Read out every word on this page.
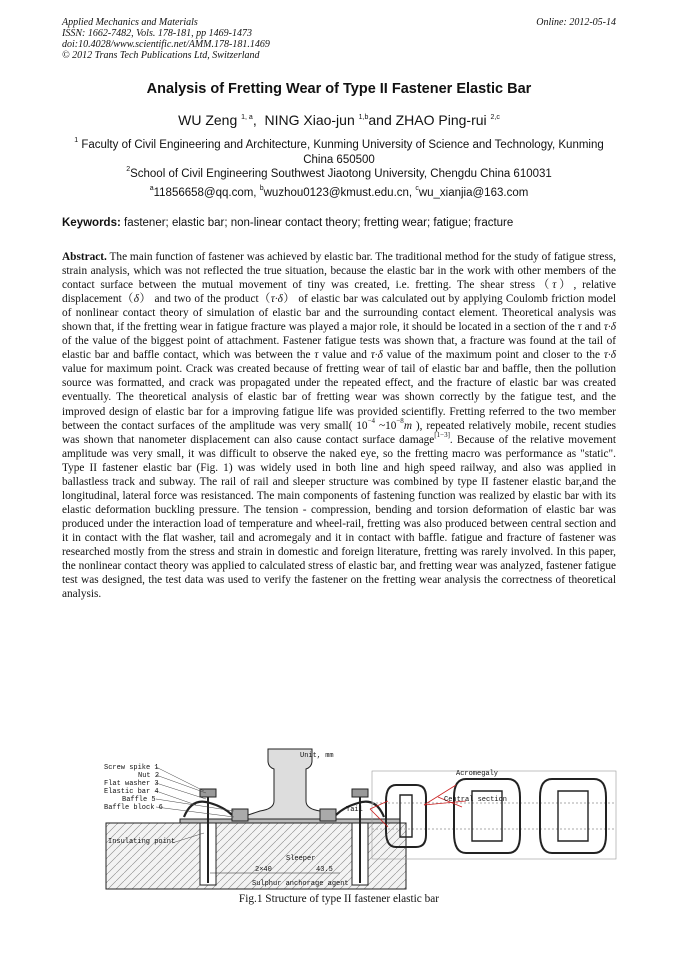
Applied Mechanics and Materials
ISSN: 1662-7482, Vols. 178-181, pp 1469-1473
doi:10.4028/www.scientific.net/AMM.178-181.1469
© 2012 Trans Tech Publications Ltd, Switzerland
Online: 2012-05-14
Analysis of Fretting Wear of Type II Fastener Elastic Bar
WU Zeng $^{1, a}$,  NING Xiao-jun $^{1,b}$and ZHAO Ping-rui $^{2,c}$
$^1$ Faculty of Civil Engineering and Architecture, Kunming University of Science and Technology, Kunming China 650500
$^2$School of Civil Engineering Southwest Jiaotong University, Chengdu China 610031
$^a$11856658@qq.com, $^b$wuzhou0123@kmust.edu.cn, $^c$wu_xianjia@163.com
Keywords: fastener; elastic bar; non-linear contact theory; fretting wear; fatigue; fracture
Abstract. The main function of fastener was achieved by elastic bar. The traditional method for the study of fatigue stress, strain analysis, which was not reflected the true situation, because the elastic bar in the work with other members of the contact surface between the mutual movement of tiny was created, i.e. fretting. The shear stress（τ）, relative displacement（δ） and two of the product（τ·δ） of elastic bar was calculated out by applying Coulomb friction model of nonlinear contact theory of simulation of elastic bar and the surrounding contact element. Theoretical analysis was shown that, if the fretting wear in fatigue fracture was played a major role, it should be located in a section of the τ and τ·δ of the value of the biggest point of attachment. Fastener fatigue tests was shown that, a fracture was found at the tail of elastic bar and baffle contact, which was between the τ value and τ·δ value of the maximum point and closer to the τ·δ value for maximum point. Crack was created because of fretting wear of tail of elastic bar and baffle, then the pollution source was formatted, and crack was propagated under the repeated effect, and the fracture of elastic bar was created eventually. The theoretical analysis of elastic bar of fretting wear was shown correctly by the fatigue test, and the improved design of elastic bar for a improving fatigue life was provided scientifly. Fretting referred to the two member between the contact surfaces of the amplitude was very small( $10^{-4}$ $\sim 10^{-8}m$ ), repeated relatively mobile, recent studies was shown that nanometer displacement can also cause contact surface damage[1−3]. Because of the relative movement amplitude was very small, it was difficult to observe the naked eye, so the fretting macro was performance as "static". Type II fastener elastic bar (Fig. 1) was widely used in both line and high speed railway, and also was applied in ballastless track and subway. The rail of rail and sleeper structure was combined by type II fastener elastic bar,and the longitudinal, lateral force was resistanced. The main components of fastening function was realized by elastic bar with its elastic deformation buckling pressure. The tension - compression, bending and torsion deformation of elastic bar was produced under the interaction load of temperature and wheel-rail, fretting was also produced between central section and it in contact with the flat washer, tail and acromegaly and it in contact with baffle. fatigue and fracture of fastener was researched mostly from the stress and strain in domestic and foreign literature, fretting was rarely involved. In this paper, the nonlinear contact theory was applied to calculated stress of elastic bar, and fretting wear was analyzed, fastener fatigue test was designed, the test data was used to verify the fastener on the fretting wear analysis the correctness of theoretical analysis.
Screw spike 1
Nut 2
Flat washer 3
Elastic bar 4
Baffle 5
Baffle block 6
Insulating point
Unit, mm
2×40	43.5
Sleeper
Sulphur anchorage agent
Acromegaly
Central section
Tail
Fig.1 Structure of type II fastener elastic bar
